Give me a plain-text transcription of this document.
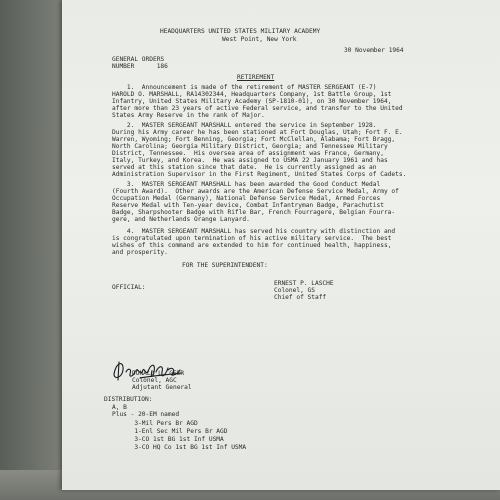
HEADQUARTERS UNITED STATES MILITARY ACADEMY
West Point, New York
30 November 1964
GENERAL ORDERS
NUMBER      186
RETIREMENT
1.  Announcement is made of the retirement of MASTER SERGEANT (E-7)
HAROLD O. MARSHALL, RA14302344, Headquarters Company, 1st Battle Group, 1st
Infantry, United States Military Academy (SP-1810-01), on 30 November 1964,
after more than 23 years of active Federal service, and transfer to the United
States Army Reserve in the rank of Major.
2.  MASTER SERGEANT MARSHALL entered the service in September 1928.
During his Army career he has been stationed at Fort Douglas, Utah; Fort F. E.
Warren, Wyoming; Fort Benning, Georgia; Fort McClellan, Alabama; Fort Bragg,
North Carolina; Georgia Military District, Georgia; and Tennessee Military
District, Tennessee.  His oversea area of assignment was France, Germany,
Italy, Turkey, and Korea.  He was assigned to USMA 22 January 1961 and has
served at this station since that date.  He is currently assigned as an
Administration Supervisor in the First Regiment, United States Corps of Cadets.
3.  MASTER SERGEANT MARSHALL has been awarded the Good Conduct Medal
(Fourth Award).  Other awards are the American Defense Service Medal, Army of
Occupation Medal (Germany), National Defense Service Medal, Armed Forces
Reserve Medal with Ten-year device, Combat Infantryman Badge, Parachutist
Badge, Sharpshooter Badge with Rifle Bar, French Fourragere, Belgian Fourra-
gere, and Netherlands Orange Lanyard.
4.  MASTER SERGEANT MARSHALL has served his country with distinction and
is congratulated upon termination of his active military service.  The best
wishes of this command are extended to him for continued health, happiness,
and prosperity.
FOR THE SUPERINTENDENT:
ERNEST P. LASCHE
Colonel, GS
Chief of Staff
OFFICIAL:
DONALD L. GEER
Colonel, AGC
Adjutant General
DISTRIBUTION:
A, B
Plus - 20-EM named
3-Mil Pers Br AGD
1-Enl Sec Mil Pers Br AGD
3-CO 1st BG 1st Inf USMA
3-CO HQ Co 1st BG 1st Inf USMA
